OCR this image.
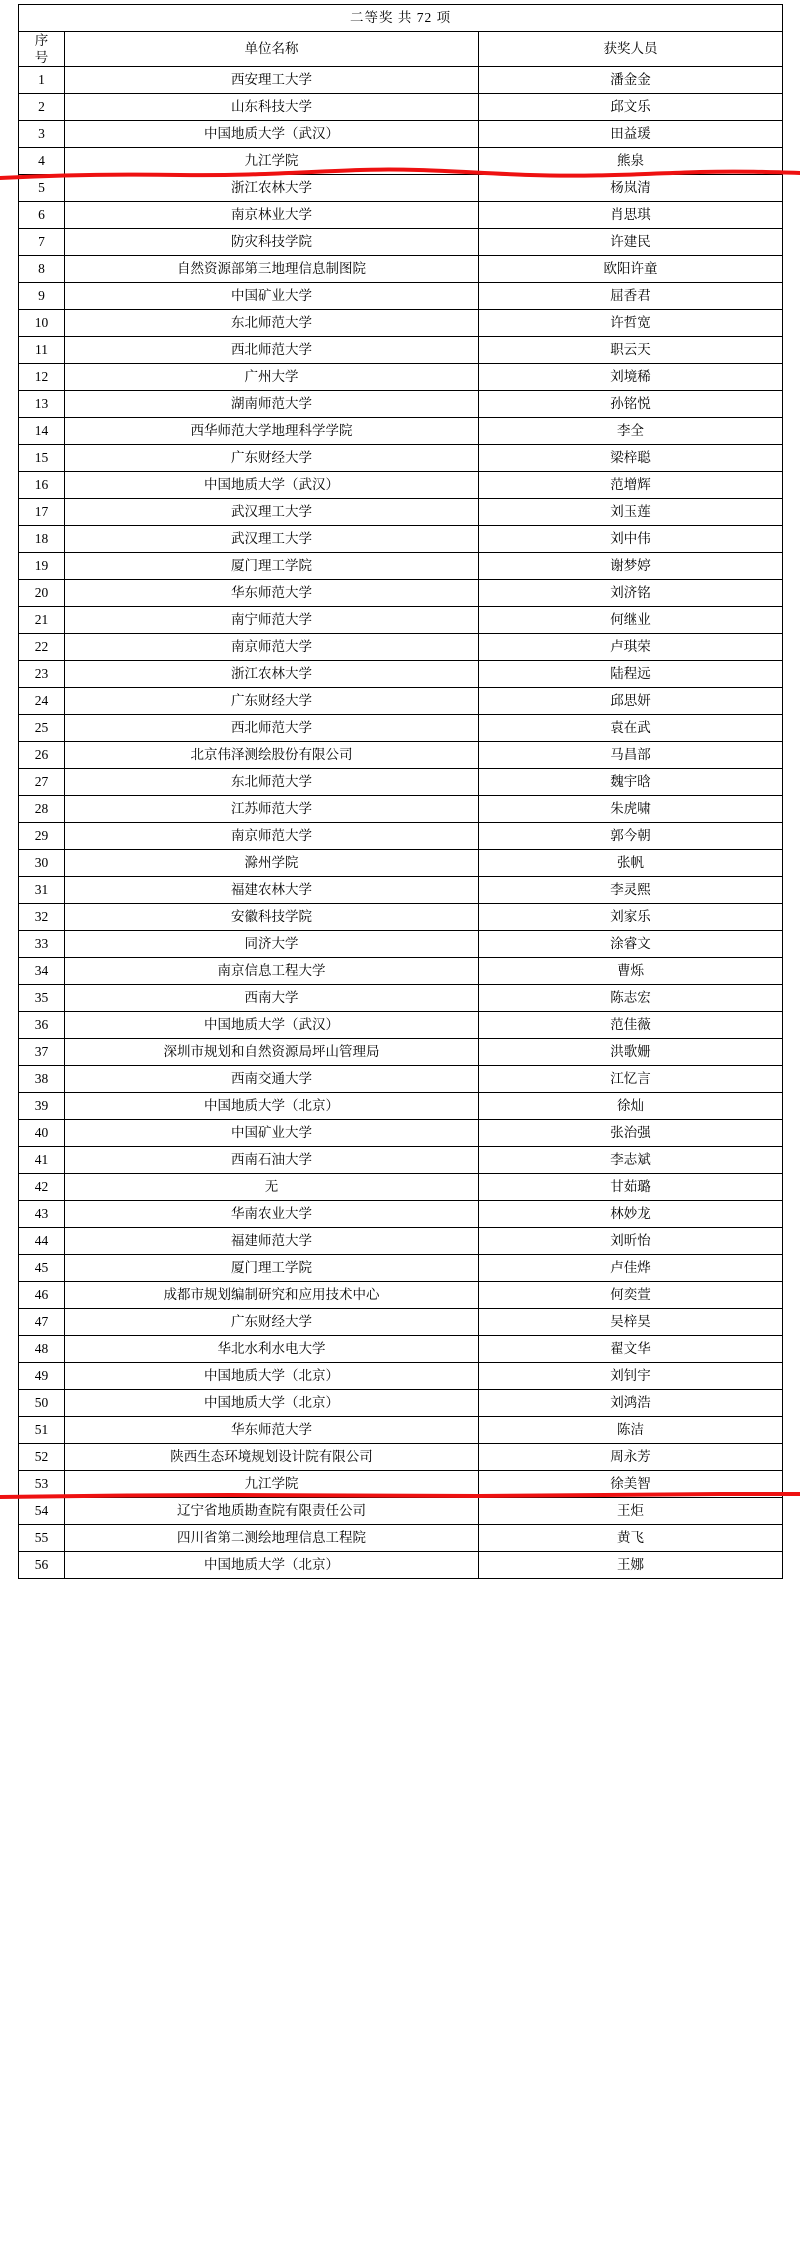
二等奖 共 72 项		

序
号	单位名称	获奖人员
1	西安理工大学	潘金金
2	山东科技大学	邱文乐
3	中国地质大学（武汉）	田益瑗
4	九江学院	熊泉
5	浙江农林大学	杨岚清
6	南京林业大学	肖思琪
7	防灾科技学院	许建民
8	自然资源部第三地理信息制图院	欧阳许童
9	中国矿业大学	屈香君
10	东北师范大学	许哲宽
11	西北师范大学	职云天
12	广州大学	刘境稀
13	湖南师范大学	孙铭悦
14	西华师范大学地理科学学院	李全
15	广东财经大学	梁梓聪
16	中国地质大学（武汉）	范增辉
17	武汉理工大学	刘玉莲
18	武汉理工大学	刘中伟
19	厦门理工学院	谢梦婷
20	华东师范大学	刘济铭
21	南宁师范大学	何继业
22	南京师范大学	卢琪荣
23	浙江农林大学	陆程远
24	广东财经大学	邱思妍
25	西北师范大学	袁在武
26	北京伟泽测绘股份有限公司	马昌部
27	东北师范大学	魏宇晗
28	江苏师范大学	朱虎啸
29	南京师范大学	郭今朝
30	滁州学院	张帆
31	福建农林大学	李灵熙
32	安徽科技学院	刘家乐
33	同济大学	涂睿文
34	南京信息工程大学	曹烁
35	西南大学	陈志宏
36	中国地质大学（武汉）	范佳薇
37	深圳市规划和自然资源局坪山管理局	洪歌姗
38	西南交通大学	江忆言
39	中国地质大学（北京）	徐灿
40	中国矿业大学	张治强
41	西南石油大学	李志斌
42	无	甘茹璐
43	华南农业大学	林妙龙
44	福建师范大学	刘昕怡
45	厦门理工学院	卢佳烨
46	成都市规划编制研究和应用技术中心	何奕萱
47	广东财经大学	吴梓昊
48	华北水利水电大学	翟文华
49	中国地质大学（北京）	刘钊宇
50	中国地质大学（北京）	刘鸿浩
51	华东师范大学	陈洁
52	陕西生态环境规划设计院有限公司	周永芳
53	九江学院	徐美智
54	辽宁省地质勘查院有限责任公司	王炬
55	四川省第二测绘地理信息工程院	黄飞
56	中国地质大学（北京）	王娜
